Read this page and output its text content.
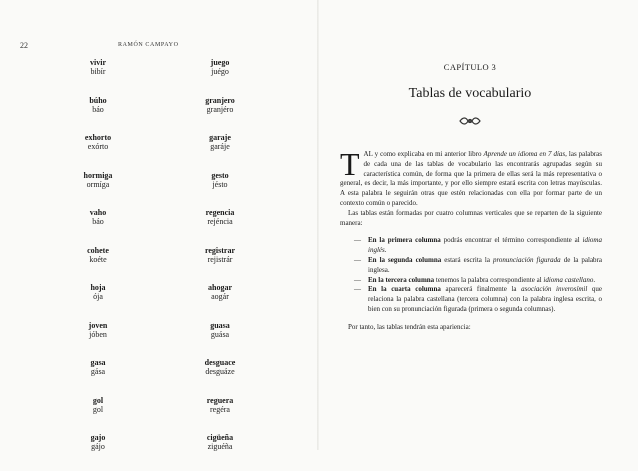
22	RAMÓN CAMPAYO
vivir
bibír
búho
báo
exhorto
exórto
hormiga
ormíga
vaho
báo
cohete
koéte
hoja
ója
joven
jóben
gasa
gása
gol
gol
gajo
gájo
juego
juégo
granjero
granjéro
garaje
garáje
gesto
jésto
regencia
rejéncia
registrar
rejistrár
ahogar
aogár
guasa
guása
desguace
desguáze
reguera
regéra
cigüeña
ziguéña
CAPÍTULO 3
Tablas de vocabulario

TAL y como explicaba en mi anterior libro Aprende un idioma en 7 días, las palabras de cada una de las tablas de vocabulario las encontrarás agrupadas según su característica común, de forma que la primera de ellas será la más representativa o general, es decir, la más importante, y por ello siempre estará escrita con letras mayúsculas. A esta palabra le seguirán otras que estén relacionadas con ella por formar parte de un contexto común o parecido.

Las tablas están formadas por cuatro columnas verticales que se reparten de la siguiente manera:

— En la primera columna podrás encontrar el término correspondiente al idioma inglés.
— En la segunda columna estará escrita la pronunciación figurada de la palabra inglesa.
— En la tercera columna tenemos la palabra correspondiente al idioma castellano.
— En la cuarta columna aparecerá finalmente la asociación inverosímil que relaciona la palabra castellana (tercera columna) con la palabra inglesa escrita, o bien con su pronunciación figurada (primera o segunda columnas).

Por tanto, las tablas tendrán esta apariencia:
